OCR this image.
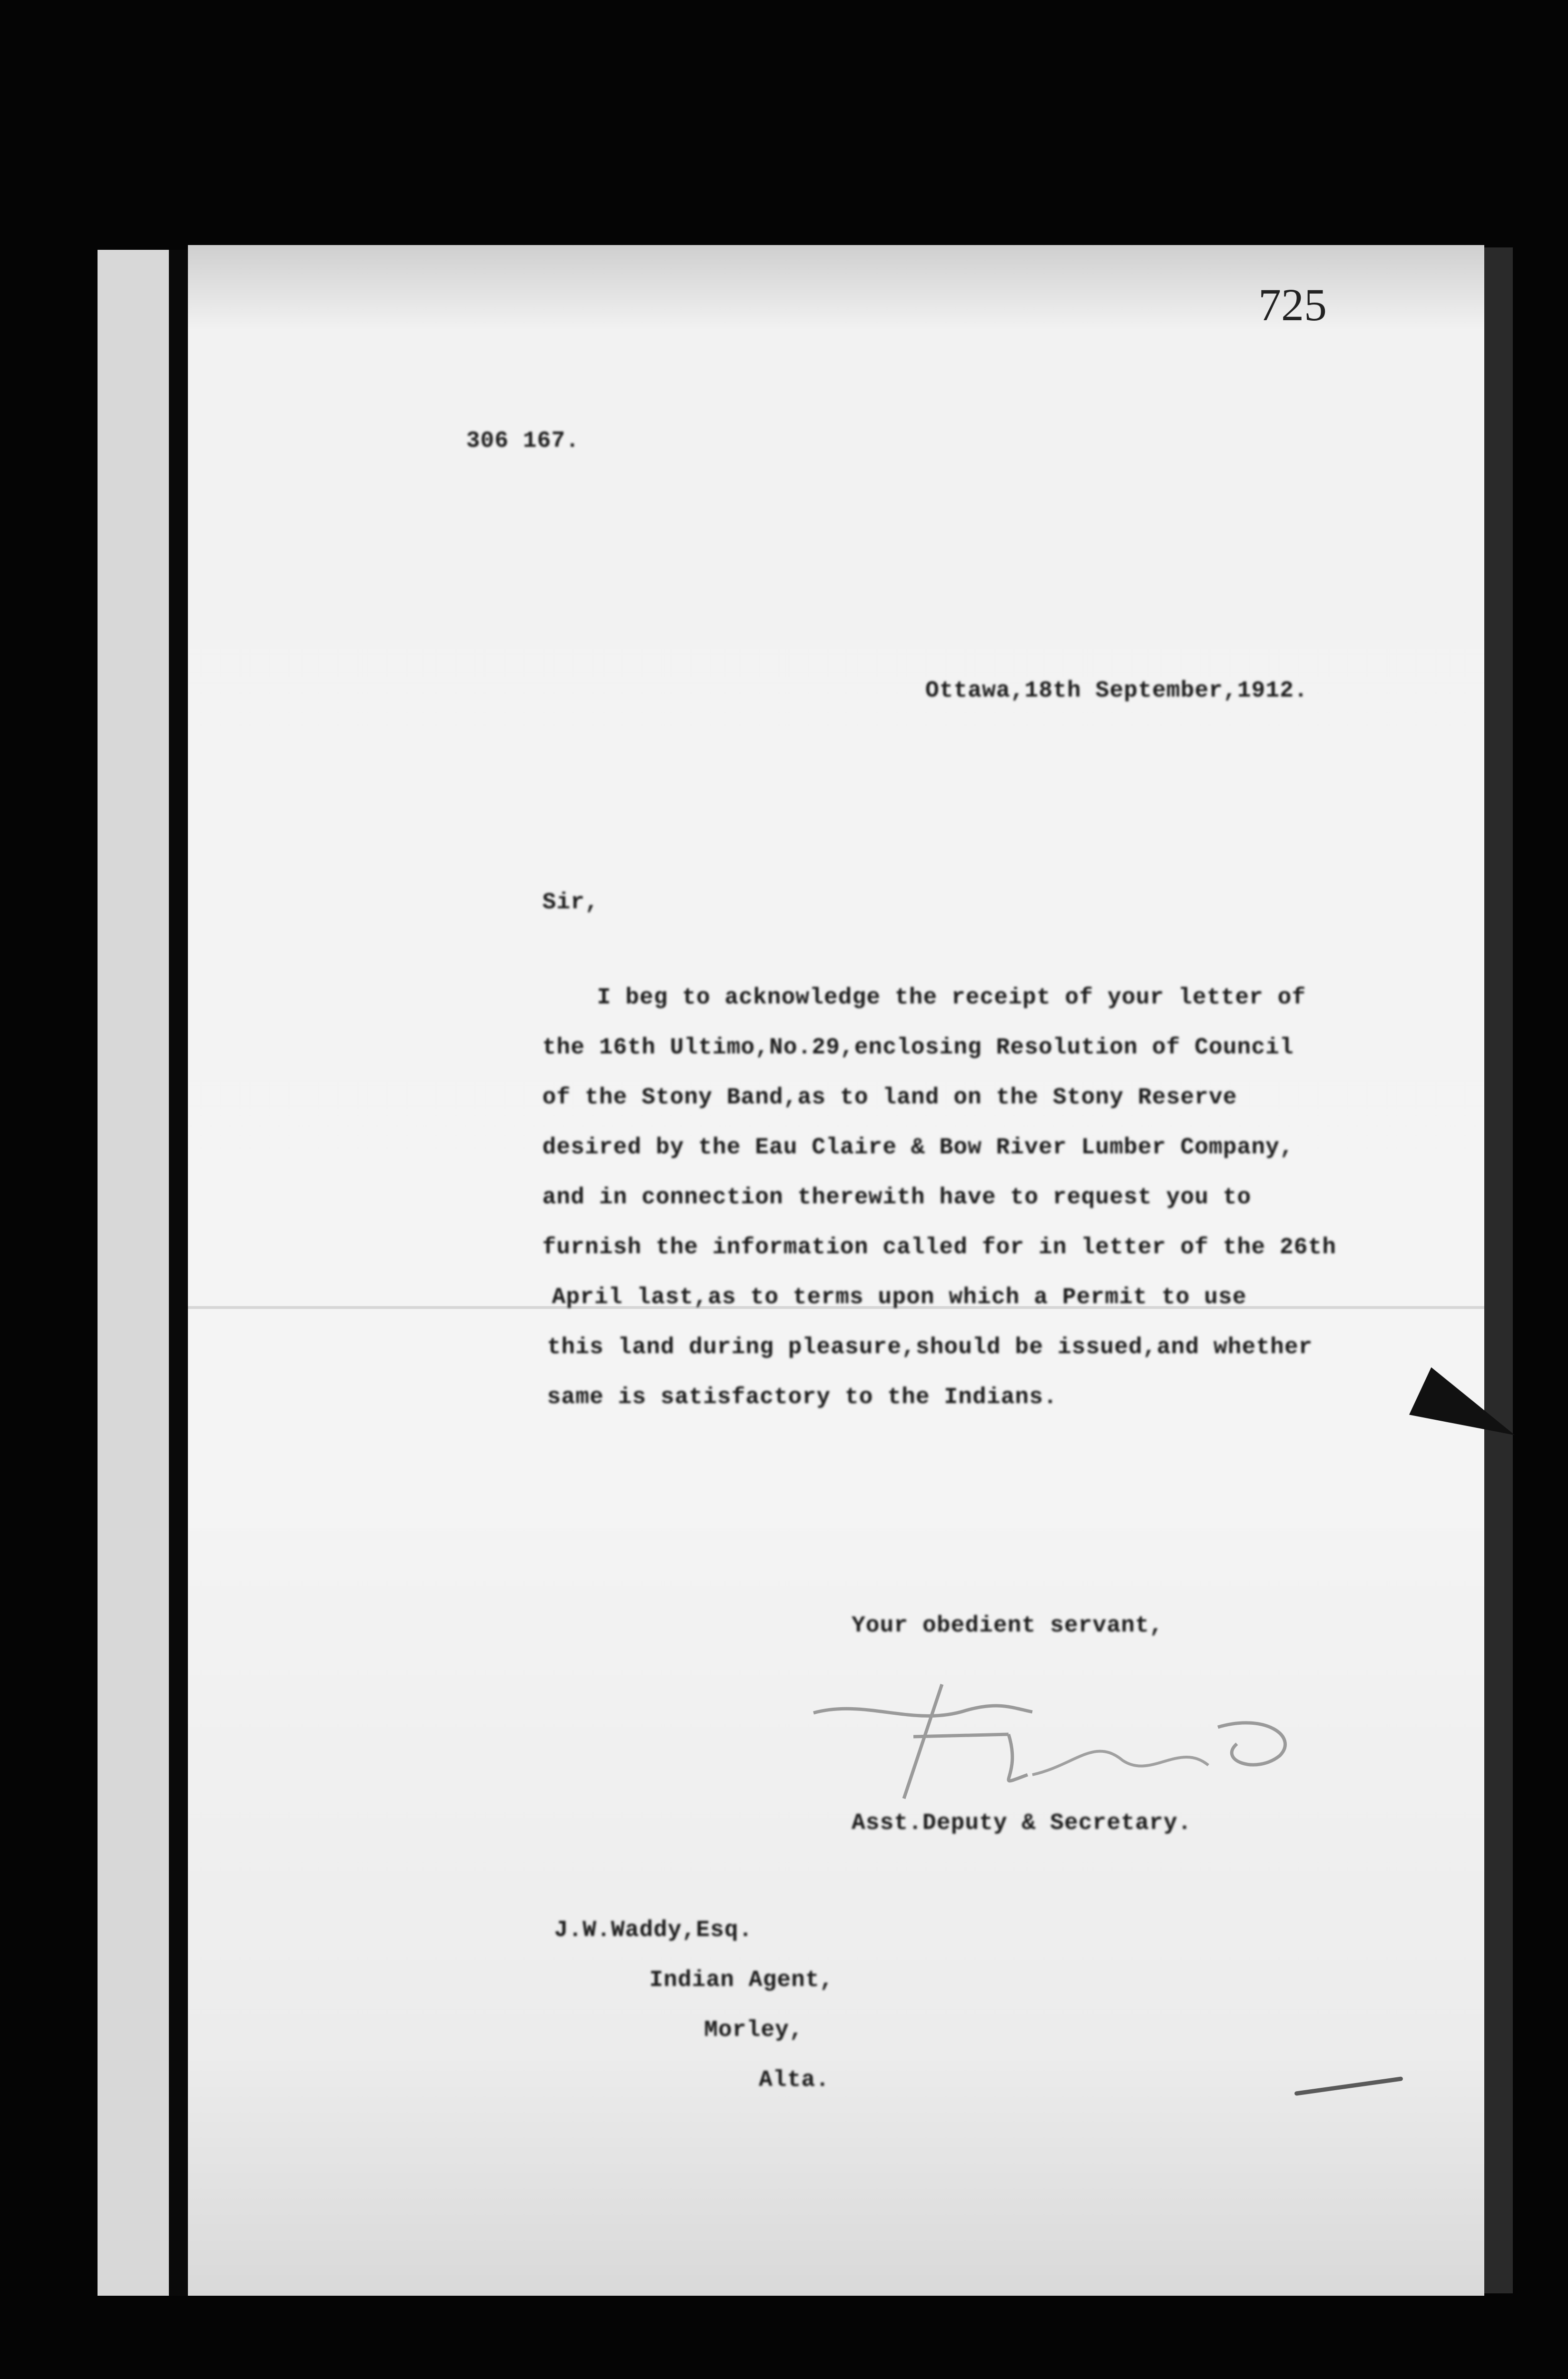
725
306 167.
Ottawa,18th September,1912.
Sir,
I beg to acknowledge the receipt of your letter of
the 16th Ultimo,No.29,enclosing Resolution of Council
of the Stony Band,as to land on the Stony Reserve
desired by the Eau Claire & Bow River Lumber Company,
and in connection therewith have to request you to
furnish the information called for in letter of the 26th
April last,as to terms upon which a Permit to use
this land during pleasure,should be issued,and whether
same is satisfactory to the Indians.
Your obedient servant,
Asst.Deputy & Secretary.
J.W.Waddy,Esq.
Indian Agent,
Morley,
Alta.
